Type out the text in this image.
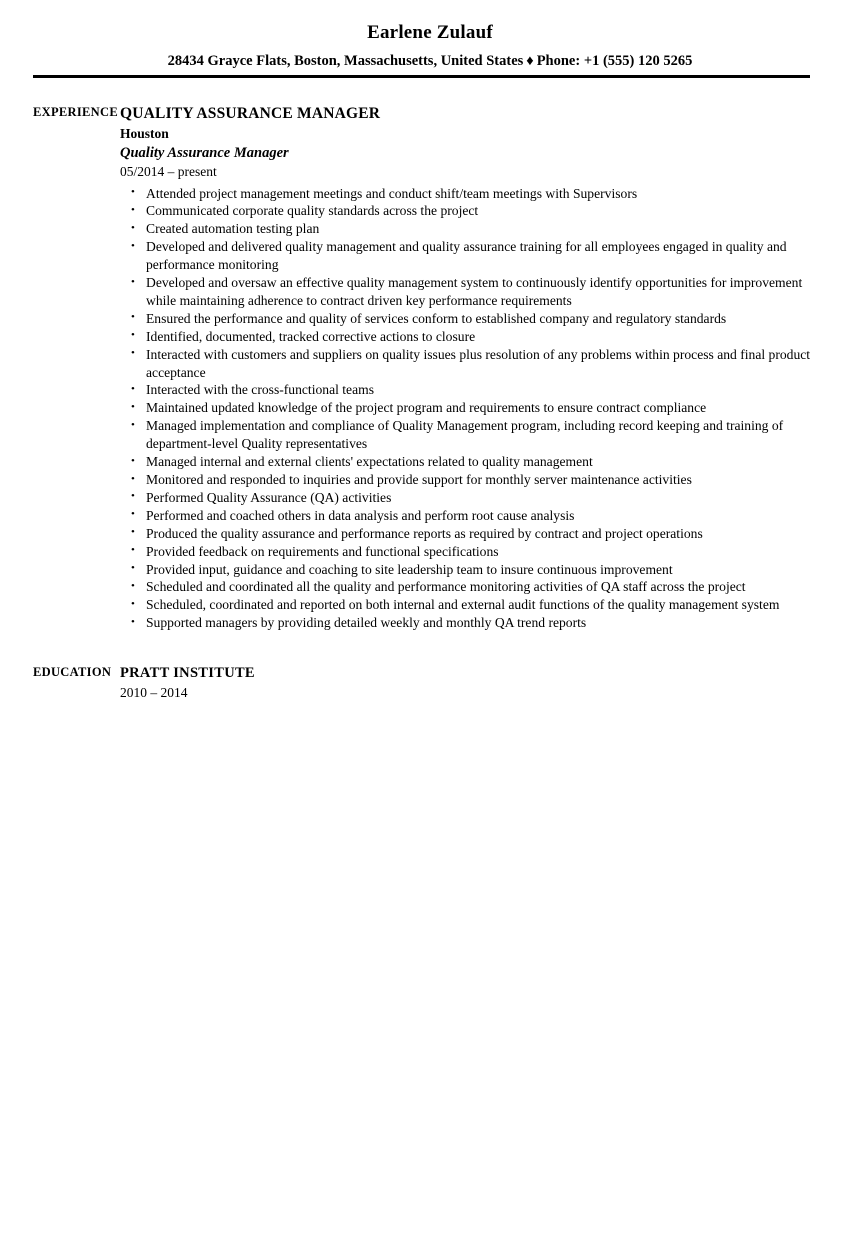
Earlene Zulauf
28434 Grayce Flats, Boston, Massachusetts, United States ♦ Phone: +1 (555) 120 5265
EXPERIENCE QUALITY ASSURANCE MANAGER
Houston
Quality Assurance Manager
05/2014 – present
• Attended project management meetings and conduct shift/team meetings with Supervisors
• Communicated corporate quality standards across the project
• Created automation testing plan
• Developed and delivered quality management and quality assurance training for all employees engaged in quality and performance monitoring
• Developed and oversaw an effective quality management system to continuously identify opportunities for improvement while maintaining adherence to contract driven key performance requirements
• Ensured the performance and quality of services conform to established company and regulatory standards
• Identified, documented, tracked corrective actions to closure
• Interacted with customers and suppliers on quality issues plus resolution of any problems within process and final product acceptance
• Interacted with the cross-functional teams
• Maintained updated knowledge of the project program and requirements to ensure contract compliance
• Managed implementation and compliance of Quality Management program, including record keeping and training of department-level Quality representatives
• Managed internal and external clients' expectations related to quality management
• Monitored and responded to inquiries and provide support for monthly server maintenance activities
• Performed Quality Assurance (QA) activities
• Performed and coached others in data analysis and perform root cause analysis
• Produced the quality assurance and performance reports as required by contract and project operations
• Provided feedback on requirements and functional specifications
• Provided input, guidance and coaching to site leadership team to insure continuous improvement
• Scheduled and coordinated all the quality and performance monitoring activities of QA staff across the project
• Scheduled, coordinated and reported on both internal and external audit functions of the quality management system
• Supported managers by providing detailed weekly and monthly QA trend reports
EDUCATION PRATT INSTITUTE
2010 – 2014
